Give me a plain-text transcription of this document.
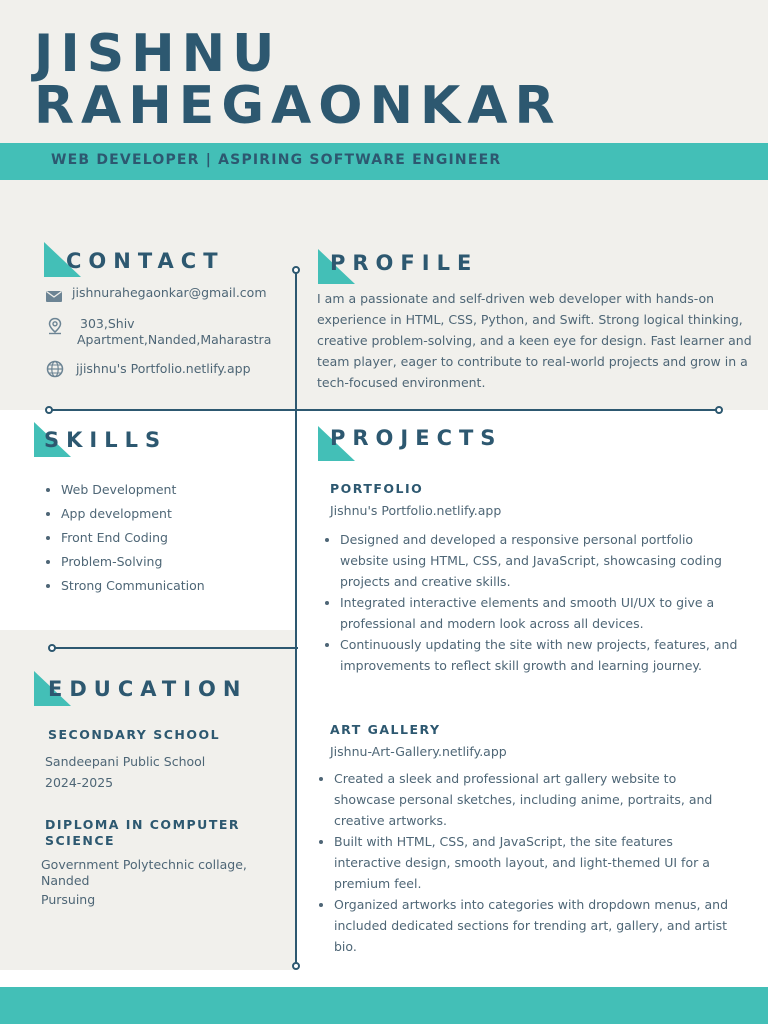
JISHNU
RAHEGAONKAR
WEB DEVELOPER | ASPIRING SOFTWARE ENGINEER
CONTACT
jishnurahegaonkar@gmail.com
303,Shiv
Apartment,Nanded,Maharastra
jjishnu's Portfolio.netlify.app
PROFILE
I am a passionate and self-driven web developer with hands-on
experience in HTML, CSS, Python, and Swift. Strong logical thinking,
creative problem-solving, and a keen eye for design. Fast learner and
team player, eager to contribute to real-world projects and grow in a
tech-focused environment.
SKILLS
• Web Development
• App development
• Front End Coding
• Problem-Solving
• Strong Communication
PROJECTS
PORTFOLIO
Jishnu's Portfolio.netlify.app
• Designed and developed a responsive personal portfolio
website using HTML, CSS, and JavaScript, showcasing coding
projects and creative skills.
• Integrated interactive elements and smooth UI/UX to give a
professional and modern look across all devices.
• Continuously updating the site with new projects, features, and
improvements to reflect skill growth and learning journey.
ART GALLERY
Jishnu-Art-Gallery.netlify.app
• Created a sleek and professional art gallery website to
showcase personal sketches, including anime, portraits, and
creative artworks.
• Built with HTML, CSS, and JavaScript, the site features
interactive design, smooth layout, and light-themed UI for a
premium feel.
• Organized artworks into categories with dropdown menus, and
included dedicated sections for trending art, gallery, and artist
bio.
EDUCATION
SECONDARY SCHOOL
Sandeepani Public School
2024-2025
DIPLOMA IN COMPUTER
SCIENCE
Government Polytechnic collage,
Nanded
Pursuing
